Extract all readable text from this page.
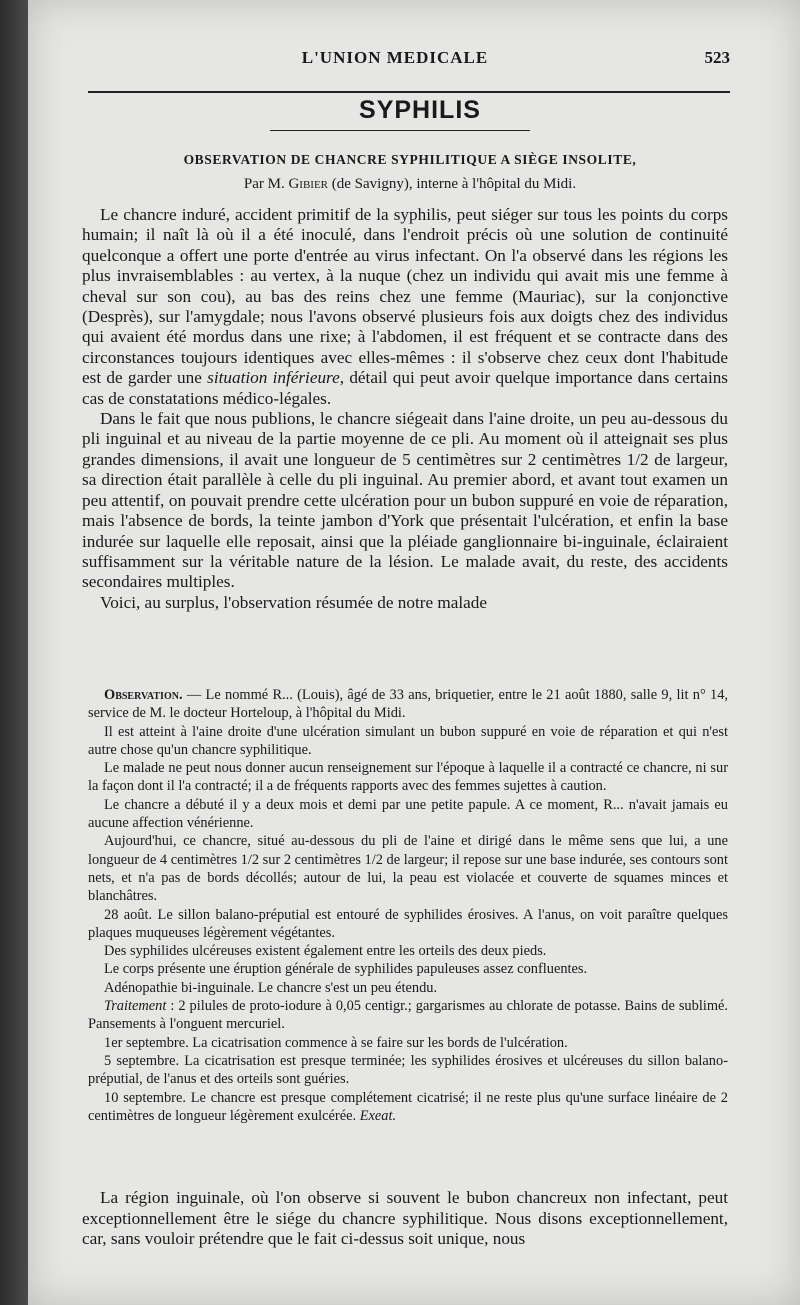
L'UNION MEDICALE	523
SYPHILIS
OBSERVATION DE CHANCRE SYPHILITIQUE A SIÈGE INSOLITE,
Par M. Gibier (de Savigny), interne à l'hôpital du Midi.

Le chancre induré, accident primitif de la syphilis, peut siéger sur tous les points du corps humain; il naît là où il a été inoculé, dans l'endroit précis où une solution de continuité quelconque a offert une porte d'entrée au virus infectant. On l'a observé dans les régions les plus invraisemblables : au vertex, à la nuque (chez un individu qui avait mis une femme à cheval sur son cou), au bas des reins chez une femme (Mauriac), sur la conjonctive (Desprès), sur l'amygdale; nous l'avons observé plusieurs fois aux doigts chez des individus qui avaient été mordus dans une rixe; à l'abdomen, il est fréquent et se contracte dans des circonstances toujours identiques avec elles-mêmes : il s'observe chez ceux dont l'habitude est de garder une situation inférieure, détail qui peut avoir quelque importance dans certains cas de constatations médico-légales.

Dans le fait que nous publions, le chancre siégeait dans l'aine droite, un peu au-dessous du pli inguinal et au niveau de la partie moyenne de ce pli. Au moment où il atteignait ses plus grandes dimensions, il avait une longueur de 5 centimètres sur 2 centimètres 1/2 de largeur, sa direction était parallèle à celle du pli inguinal. Au premier abord, et avant tout examen un peu attentif, on pouvait prendre cette ulcération pour un bubon suppuré en voie de réparation, mais l'absence de bords, la teinte jambon d'York que présentait l'ulcération, et enfin la base indurée sur laquelle elle reposait, ainsi que la pléiade ganglionnaire bi-inguinale, éclairaient suffisamment sur la véritable nature de la lésion. Le malade avait, du reste, des accidents secondaires multiples.

Voici, au surplus, l'observation résumée de notre malade

Observation. — Le nommé R... (Louis), âgé de 33 ans, briquetier, entre le 21 août 1880, salle 9, lit n° 14, service de M. le docteur Horteloup, à l'hôpital du Midi.

Il est atteint à l'aine droite d'une ulcération simulant un bubon suppuré en voie de réparation et qui n'est autre chose qu'un chancre syphilitique.

Le malade ne peut nous donner aucun renseignement sur l'époque à laquelle il a contracté ce chancre, ni sur la façon dont il l'a contracté; il a de fréquents rapports avec des femmes sujettes à caution.

Le chancre a débuté il y a deux mois et demi par une petite papule. A ce moment, R... n'avait jamais eu aucune affection vénérienne.

Aujourd'hui, ce chancre, situé au-dessous du pli de l'aine et dirigé dans le même sens que lui, a une longueur de 4 centimètres 1/2 sur 2 centimètres 1/2 de largeur; il repose sur une base indurée, ses contours sont nets, et n'a pas de bords décollés; autour de lui, la peau est violacée et couverte de squames minces et blanchâtres.

28 août. Le sillon balano-préputial est entouré de syphilides érosives. A l'anus, on voit paraître quelques plaques muqueuses légèrement végétantes.

Des syphilides ulcéreuses existent également entre les orteils des deux pieds.

Le corps présente une éruption générale de syphilides papuleuses assez confluentes.

Adénopathie bi-inguinale. Le chancre s'est un peu étendu.

Traitement : 2 pilules de proto-iodure à 0,05 centigr.; gargarismes au chlorate de potasse. Bains de sublimé. Pansements à l'onguent mercuriel.

1er septembre. La cicatrisation commence à se faire sur les bords de l'ulcération.

5 septembre. La cicatrisation est presque terminée; les syphilides érosives et ulcéreuses du sillon balano-préputial, de l'anus et des orteils sont guéries.

10 septembre. Le chancre est presque complétement cicatrisé; il ne reste plus qu'une surface linéaire de 2 centimètres de longueur légèrement exulcérée. Exeat.

La région inguinale, où l'on observe si souvent le bubon chancreux non infectant, peut exceptionnellement être le siége du chancre syphilitique. Nous disons exceptionnellement, car, sans vouloir prétendre que le fait ci-dessus soit unique, nous
